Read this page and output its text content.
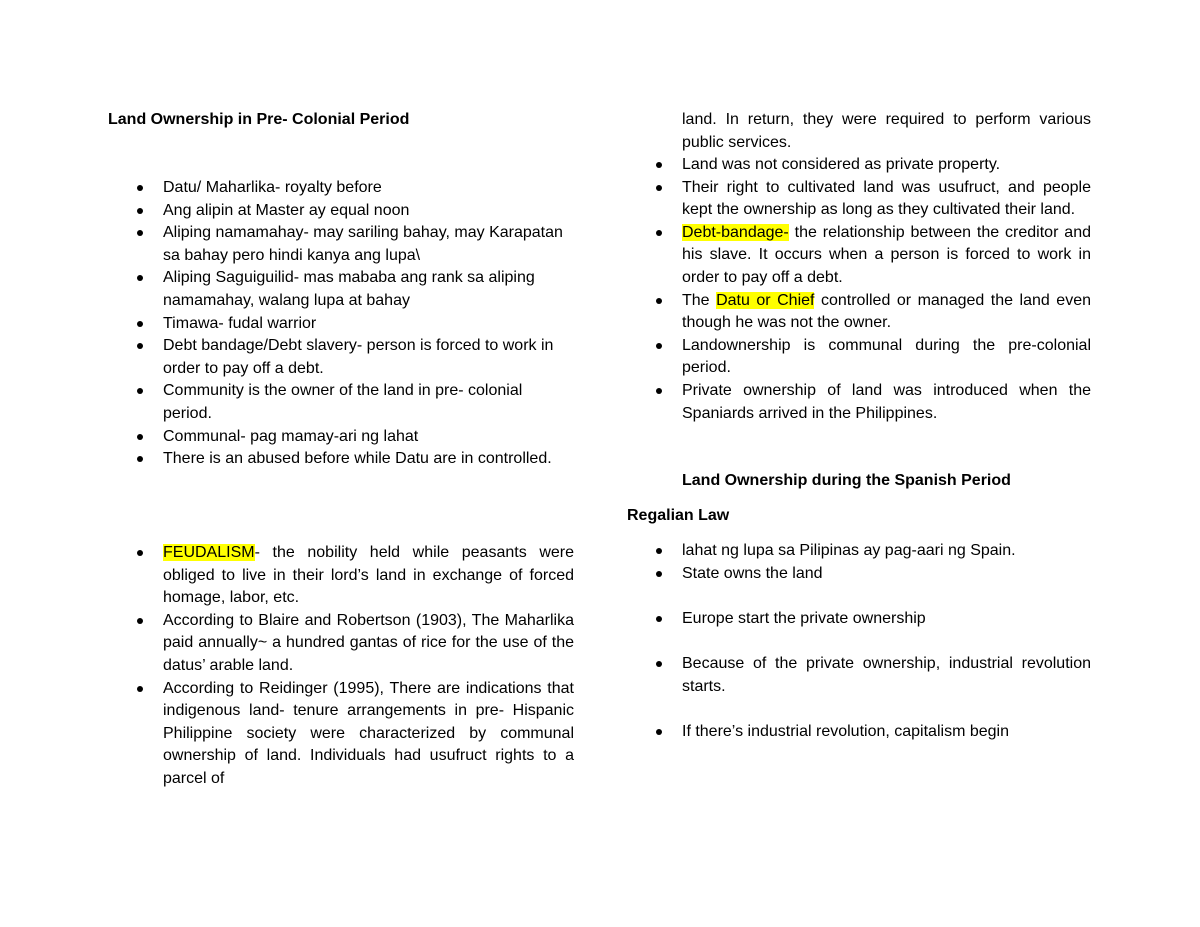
Land Ownership in Pre- Colonial Period
Datu/ Maharlika- royalty before
Ang alipin at Master ay equal noon
Aliping namamahay- may sariling bahay, may Karapatan sa bahay pero hindi kanya ang lupa\
Aliping Saguiguilid- mas mababa ang rank sa aliping namamahay, walang lupa at bahay
Timawa- fudal warrior
Debt bandage/Debt slavery- person is forced to work in order to pay off a debt.
Community is the owner of the land in pre- colonial period.
Communal- pag mamay-ari ng lahat
There is an abused before while Datu are in controlled.
FEUDALISM- the nobility held while peasants were obliged to live in their lord’s land in exchange of forced homage, labor, etc.
According to Blaire and Robertson (1903), The Maharlika paid annually~ a hundred gantas of rice for the use of the datus’ arable land.
According to Reidinger (1995), There are indications that indigenous land- tenure arrangements in pre- Hispanic Philippine society were characterized by communal ownership of land. Individuals had usufruct rights to a parcel of
land. In return, they were required to perform various public services.
Land was not considered as private property.
Their right to cultivated land was usufruct, and people kept the ownership as long as they cultivated their land.
Debt-bandage- the relationship between the creditor and his slave. It occurs when a person is forced to work in order to pay off a debt.
The Datu or Chief controlled or managed the land even though he was not the owner.
Landownership is communal during the pre-colonial period.
Private ownership of land was introduced when the Spaniards arrived in the Philippines.
Land Ownership during the Spanish Period
Regalian Law
lahat ng lupa sa Pilipinas ay pag-aari ng Spain.
State owns the land
Europe start the private ownership
Because of the private ownership, industrial revolution starts.
If there’s industrial revolution, capitalism begin
